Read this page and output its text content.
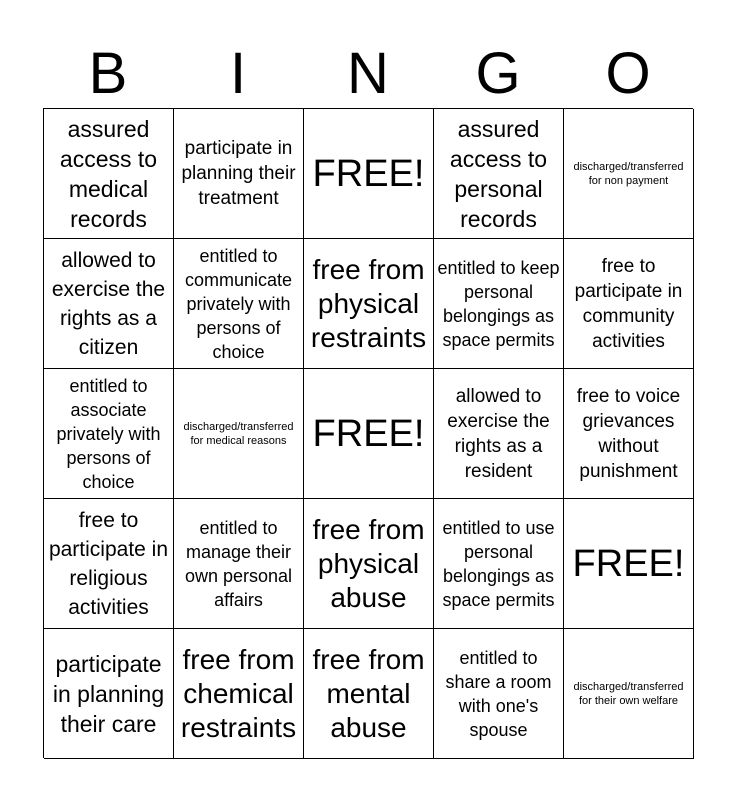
B	I	N	G	O
assured access to medical records
participate in planning their treatment
FREE!
assured access to personal records
discharged/transferred for non payment
allowed to exercise the rights as a citizen
entitled to communicate privately with persons of choice
free from physical restraints
entitled to keep personal belongings as space permits
free to participate in community activities
entitled to associate privately with persons of choice
discharged/transferred for medical reasons FREE!
allowed to exercise the rights as a resident
free to voice grievances without punishment
free to participate in religious activities
entitled to manage their own personal affairs
free from physical abuse
entitled to use personal belongings as space permits
FREE!
participate in planning their care
free from chemical restraints
free from mental abuse
entitled to share a room with one's spouse
discharged/transferred for their own welfare
